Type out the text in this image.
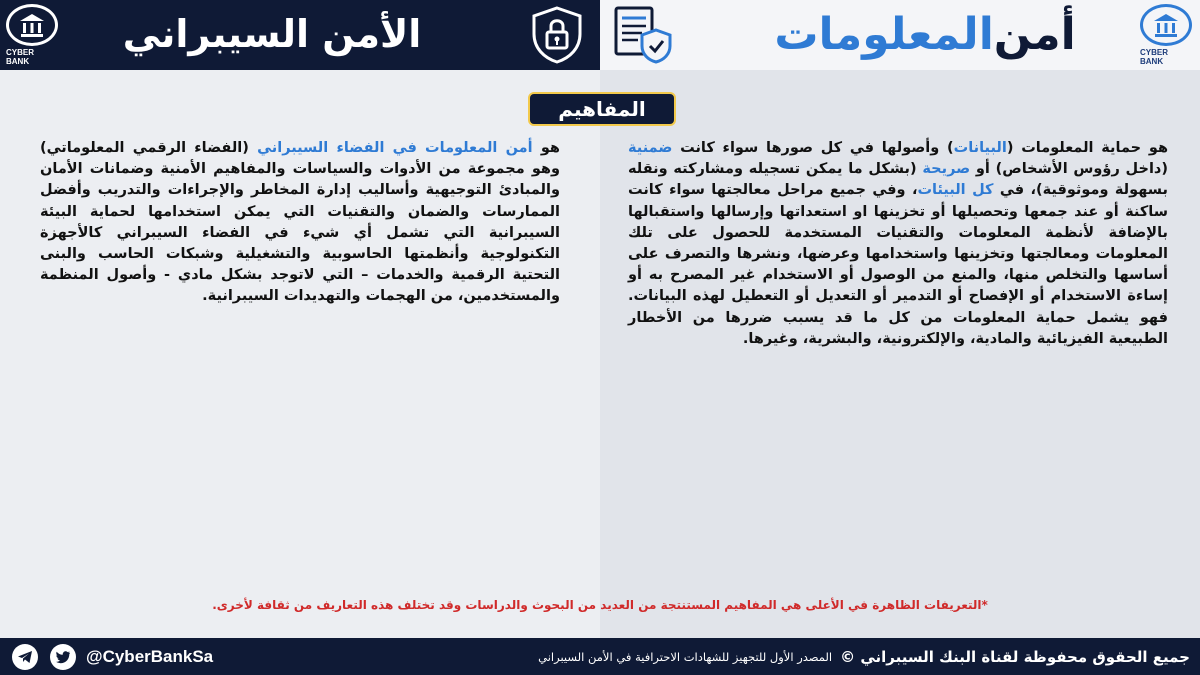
CYBER BANK
الأمن السيبراني	أمن
المعلومات	CYBER BANK
المفاهيم
هو حماية المعلومات (البيانات) وأصولها في كل صورها سواء كانت ضمنية (داخل رؤوس الأشخاص) أو صريحة (بشكل ما يمكن تسجيله ومشاركته ونقله بسهولة وموثوقية)، في كل البيئات، وفي جميع مراحل معالجتها سواء كانت ساكنة أو عند جمعها وتحصيلها أو تخزينها او استعداتها وإرسالها واستقبالها بالإضافة لأنظمة المعلومات والتقنيات المستخدمة للحصول على تلك المعلومات ومعالجتها وتخزينها واستخدامها وعرضها، ونشرها والتصرف على أساسها والتخلص منها، والمنع من الوصول أو الاستخدام غير المصرح به أو إساءة الاستخدام أو الإفصاح أو التدمير أو التعديل أو التعطيل لهذه البيانات. فهو يشمل حماية المعلومات من كل ما قد يسبب ضررها من الأخطار الطبيعية الفيزيائية والمادية، والإلكترونية، والبشرية، وغيرها.
هو أمن المعلومات في الفضاء السيبراني (الفضاء الرقمي المعلوماتي) وهو مجموعة من الأدوات والسياسات والمفاهيم الأمنية وضمانات الأمان والمبادئ التوجيهية وأساليب إدارة المخاطر والإجراءات والتدريب وأفضل الممارسات والضمان والتقنيات التي يمكن استخدامها لحماية البيئة السيبرانية التي تشمل أي شيء في الفضاء السيبراني كالأجهزة التكنولوجية وأنظمتها الحاسوبية والتشغيلية وشبكات الحاسب والبنى التحتية الرقمية والخدمات – التي لاتوجد بشكل مادي - وأصول المنظمة والمستخدمين، من الهجمات والتهديدات السيبرانية.
*التعريفات الظاهرة في الأعلى هي المفاهيم المستنتجة من العديد من البحوث والدراسات وقد تختلف هذه التعاريف من ثقافة لأخرى.
جميع الحقوق محفوظة لقناة البنك السيبراني ©
المصدر الأول للتجهيز للشهادات الاحترافية في الأمن السيبراني
@CyberBankSa
